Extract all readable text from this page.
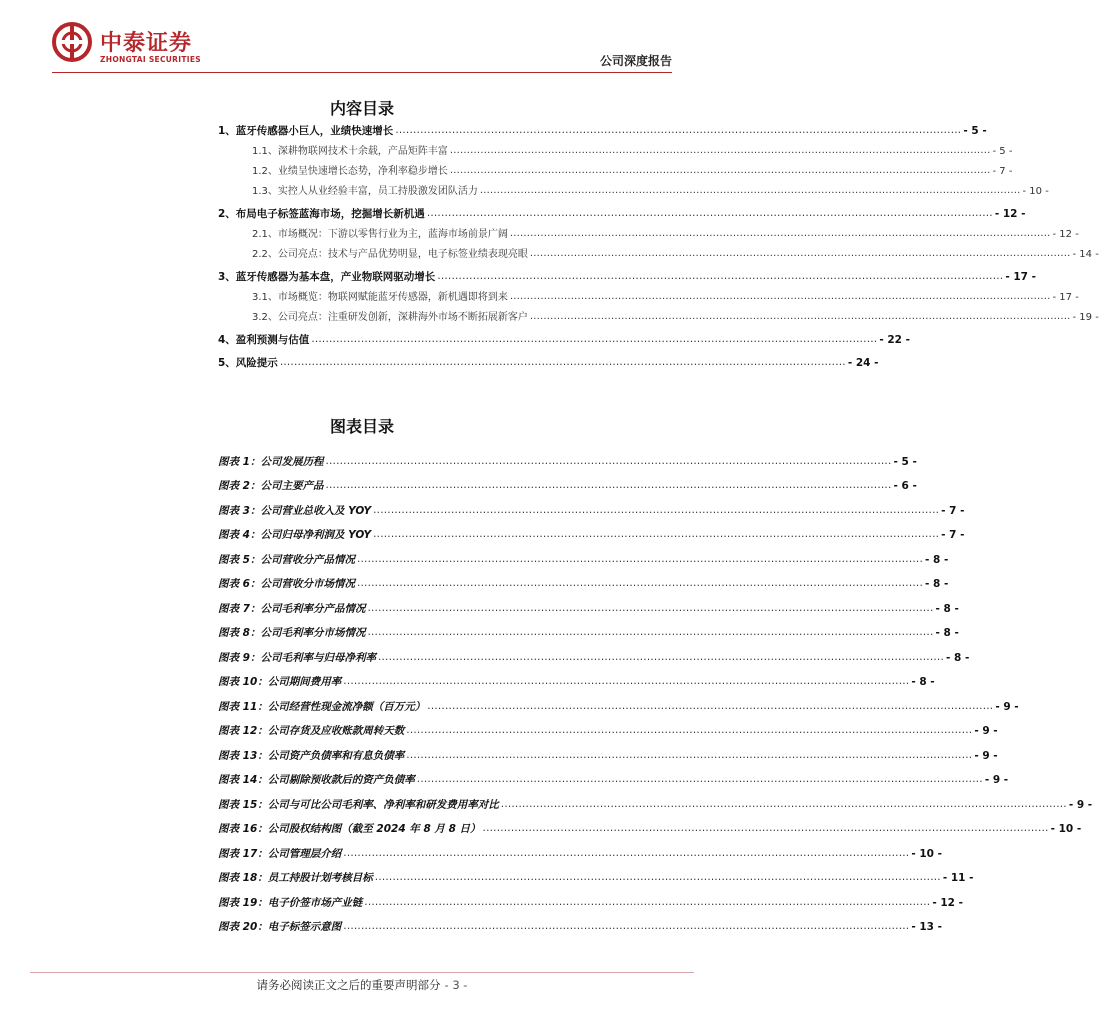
中泰证券
ZHONGTAI SECURITIES	公司深度报告
内容目录
1、蓝牙传感器小巨人，业绩快速增长 ................................................................................................................................................................ - 5 -
1.1、深耕物联网技术十余载，产品矩阵丰富 ................................................................................................................................................................ - 5 -
1.2、业绩呈快速增长态势，净利率稳步增长 ................................................................................................................................................................ - 7 -
1.3、实控人从业经验丰富，员工持股激发团队活力 ................................................................................................................................................................ - 10 -
2、布局电子标签蓝海市场，挖掘增长新机遇 ................................................................................................................................................................ - 12 -
2.1、市场概况：下游以零售行业为主，蓝海市场前景广阔 ................................................................................................................................................................ - 12 -
2.2、公司亮点：技术与产品优势明显，电子标签业绩表现亮眼 ................................................................................................................................................................ - 14 -
3、蓝牙传感器为基本盘，产业物联网驱动增长 ................................................................................................................................................................ - 17 -
3.1、市场概览：物联网赋能蓝牙传感器，新机遇即将到来 ................................................................................................................................................................ - 17 -
3.2、公司亮点：注重研发创新，深耕海外市场不断拓展新客户 ................................................................................................................................................................ - 19 -
4、盈利预测与估值 ................................................................................................................................................................ - 22 -
5、风险提示 ................................................................................................................................................................ - 24 -
图表目录
图表 1：公司发展历程 ................................................................................................................................................................ - 5 -
图表 2：公司主要产品 ................................................................................................................................................................ - 6 -
图表 3：公司营业总收入及 YOY ................................................................................................................................................................ - 7 -
图表 4：公司归母净利润及 YOY ................................................................................................................................................................ - 7 -
图表 5：公司营收分产品情况 ................................................................................................................................................................ - 8 -
图表 6：公司营收分市场情况 ................................................................................................................................................................ - 8 -
图表 7：公司毛利率分产品情况 ................................................................................................................................................................ - 8 -
图表 8：公司毛利率分市场情况 ................................................................................................................................................................ - 8 -
图表 9：公司毛利率与归母净利率 ................................................................................................................................................................ - 8 -
图表 10：公司期间费用率 ................................................................................................................................................................ - 8 -
图表 11：公司经营性现金流净额（百万元） ................................................................................................................................................................ - 9 -
图表 12：公司存货及应收账款周转天数 ................................................................................................................................................................ - 9 -
图表 13：公司资产负债率和有息负债率 ................................................................................................................................................................ - 9 -
图表 14：公司剔除预收款后的资产负债率 ................................................................................................................................................................ - 9 -
图表 15：公司与可比公司毛利率、净利率和研发费用率对比 ................................................................................................................................................................ - 9 -
图表 16：公司股权结构图（截至 2024 年 8 月 8 日） ................................................................................................................................................................ - 10 -
图表 17：公司管理层介绍 ................................................................................................................................................................ - 10 -
图表 18：员工持股计划考核目标 ................................................................................................................................................................ - 11 -
图表 19：电子价签市场产业链 ................................................................................................................................................................ - 12 -
图表 20：电子标签示意图 ................................................................................................................................................................ - 13 -
请务必阅读正文之后的重要声明部分 - 3 -
